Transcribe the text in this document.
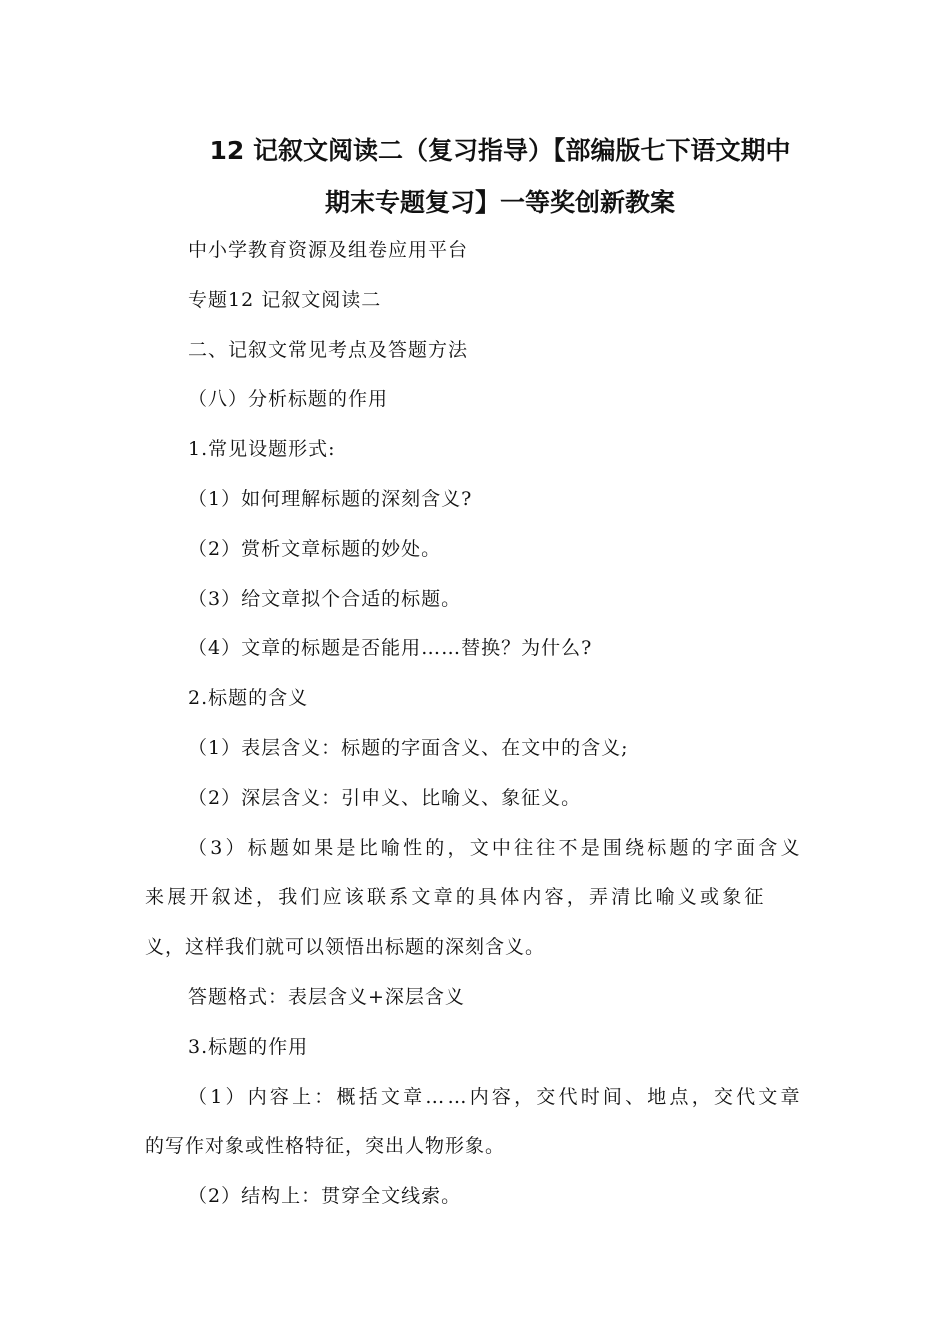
12 记叙文阅读二（复习指导）【部编版七下语文期中
期末专题复习】一等奖创新教案
中小学教育资源及组卷应用平台
专题12 记叙文阅读二
二、记叙文常见考点及答题方法
（八）分析标题的作用
1.常见设题形式:
（1）如何理解标题的深刻含义?
（2）赏析文章标题的妙处。
（3）给文章拟个合适的标题。
（4）文章的标题是否能用……替换？为什么?
2.标题的含义
（1）表层含义：标题的字面含义、在文中的含义;
（2）深层含义：引申义、比喻义、象征义。
（3）标题如果是比喻性的，文中往往不是围绕标题的字面含义
来展开叙述，我们应该联系文章的具体内容，弄清比喻义或象征
义，这样我们就可以领悟出标题的深刻含义。
答题格式：表层含义+深层含义
3.标题的作用
（1）内容上：概括文章……内容，交代时间、地点，交代文章
的写作对象或性格特征，突出人物形象。
（2）结构上：贯穿全文线索。
